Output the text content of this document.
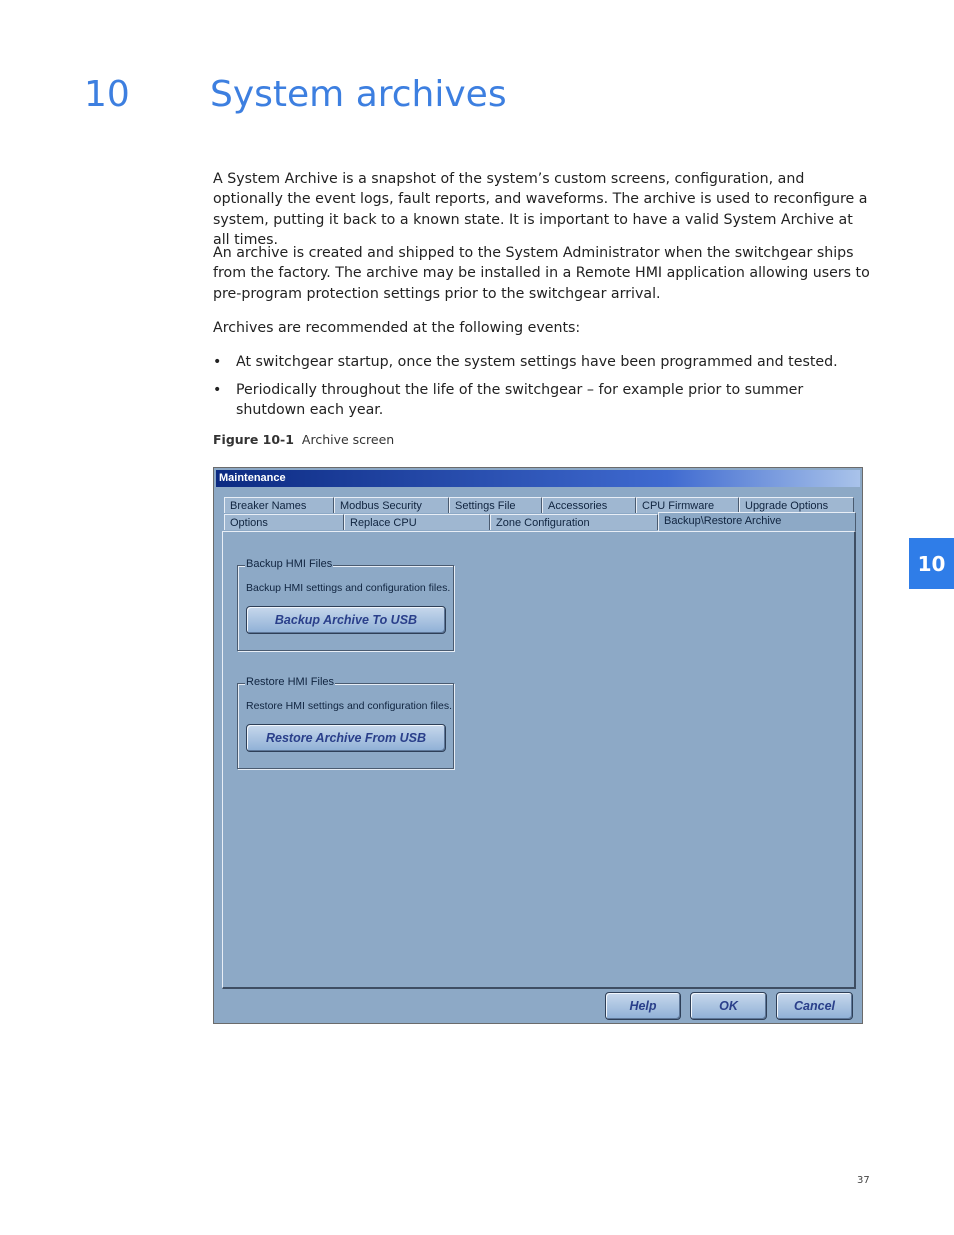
10 System archives

A System Archive is a snapshot of the system’s custom screens, configuration, and optionally the event logs, fault reports, and waveforms. The archive is used to reconfigure a system, putting it back to a known state. It is important to have a valid System Archive at all times.

An archive is created and shipped to the System Administrator when the switchgear ships from the factory. The archive may be installed in a Remote HMI application allowing users to pre-program protection settings prior to the switchgear arrival.

Archives are recommended at the following events:

• At switchgear startup, once the system settings have been programmed and tested.
• Periodically throughout the life of the switchgear – for example prior to summer shutdown each year.
Figure 10-1 Archive screen
Maintenance
Breaker Names	Modbus Security	Settings File	Accessories	CPU Firmware	Upgrade Options
Options	Replace CPU	Zone Configuration	Backup\Restore Archive
Backup HMI Files
Backup HMI settings and configuration files.
Backup Archive To USB
Restore HMI Files
Restore HMI settings and configuration files.
Restore Archive From USB
Help	OK	Cancel
10
37
